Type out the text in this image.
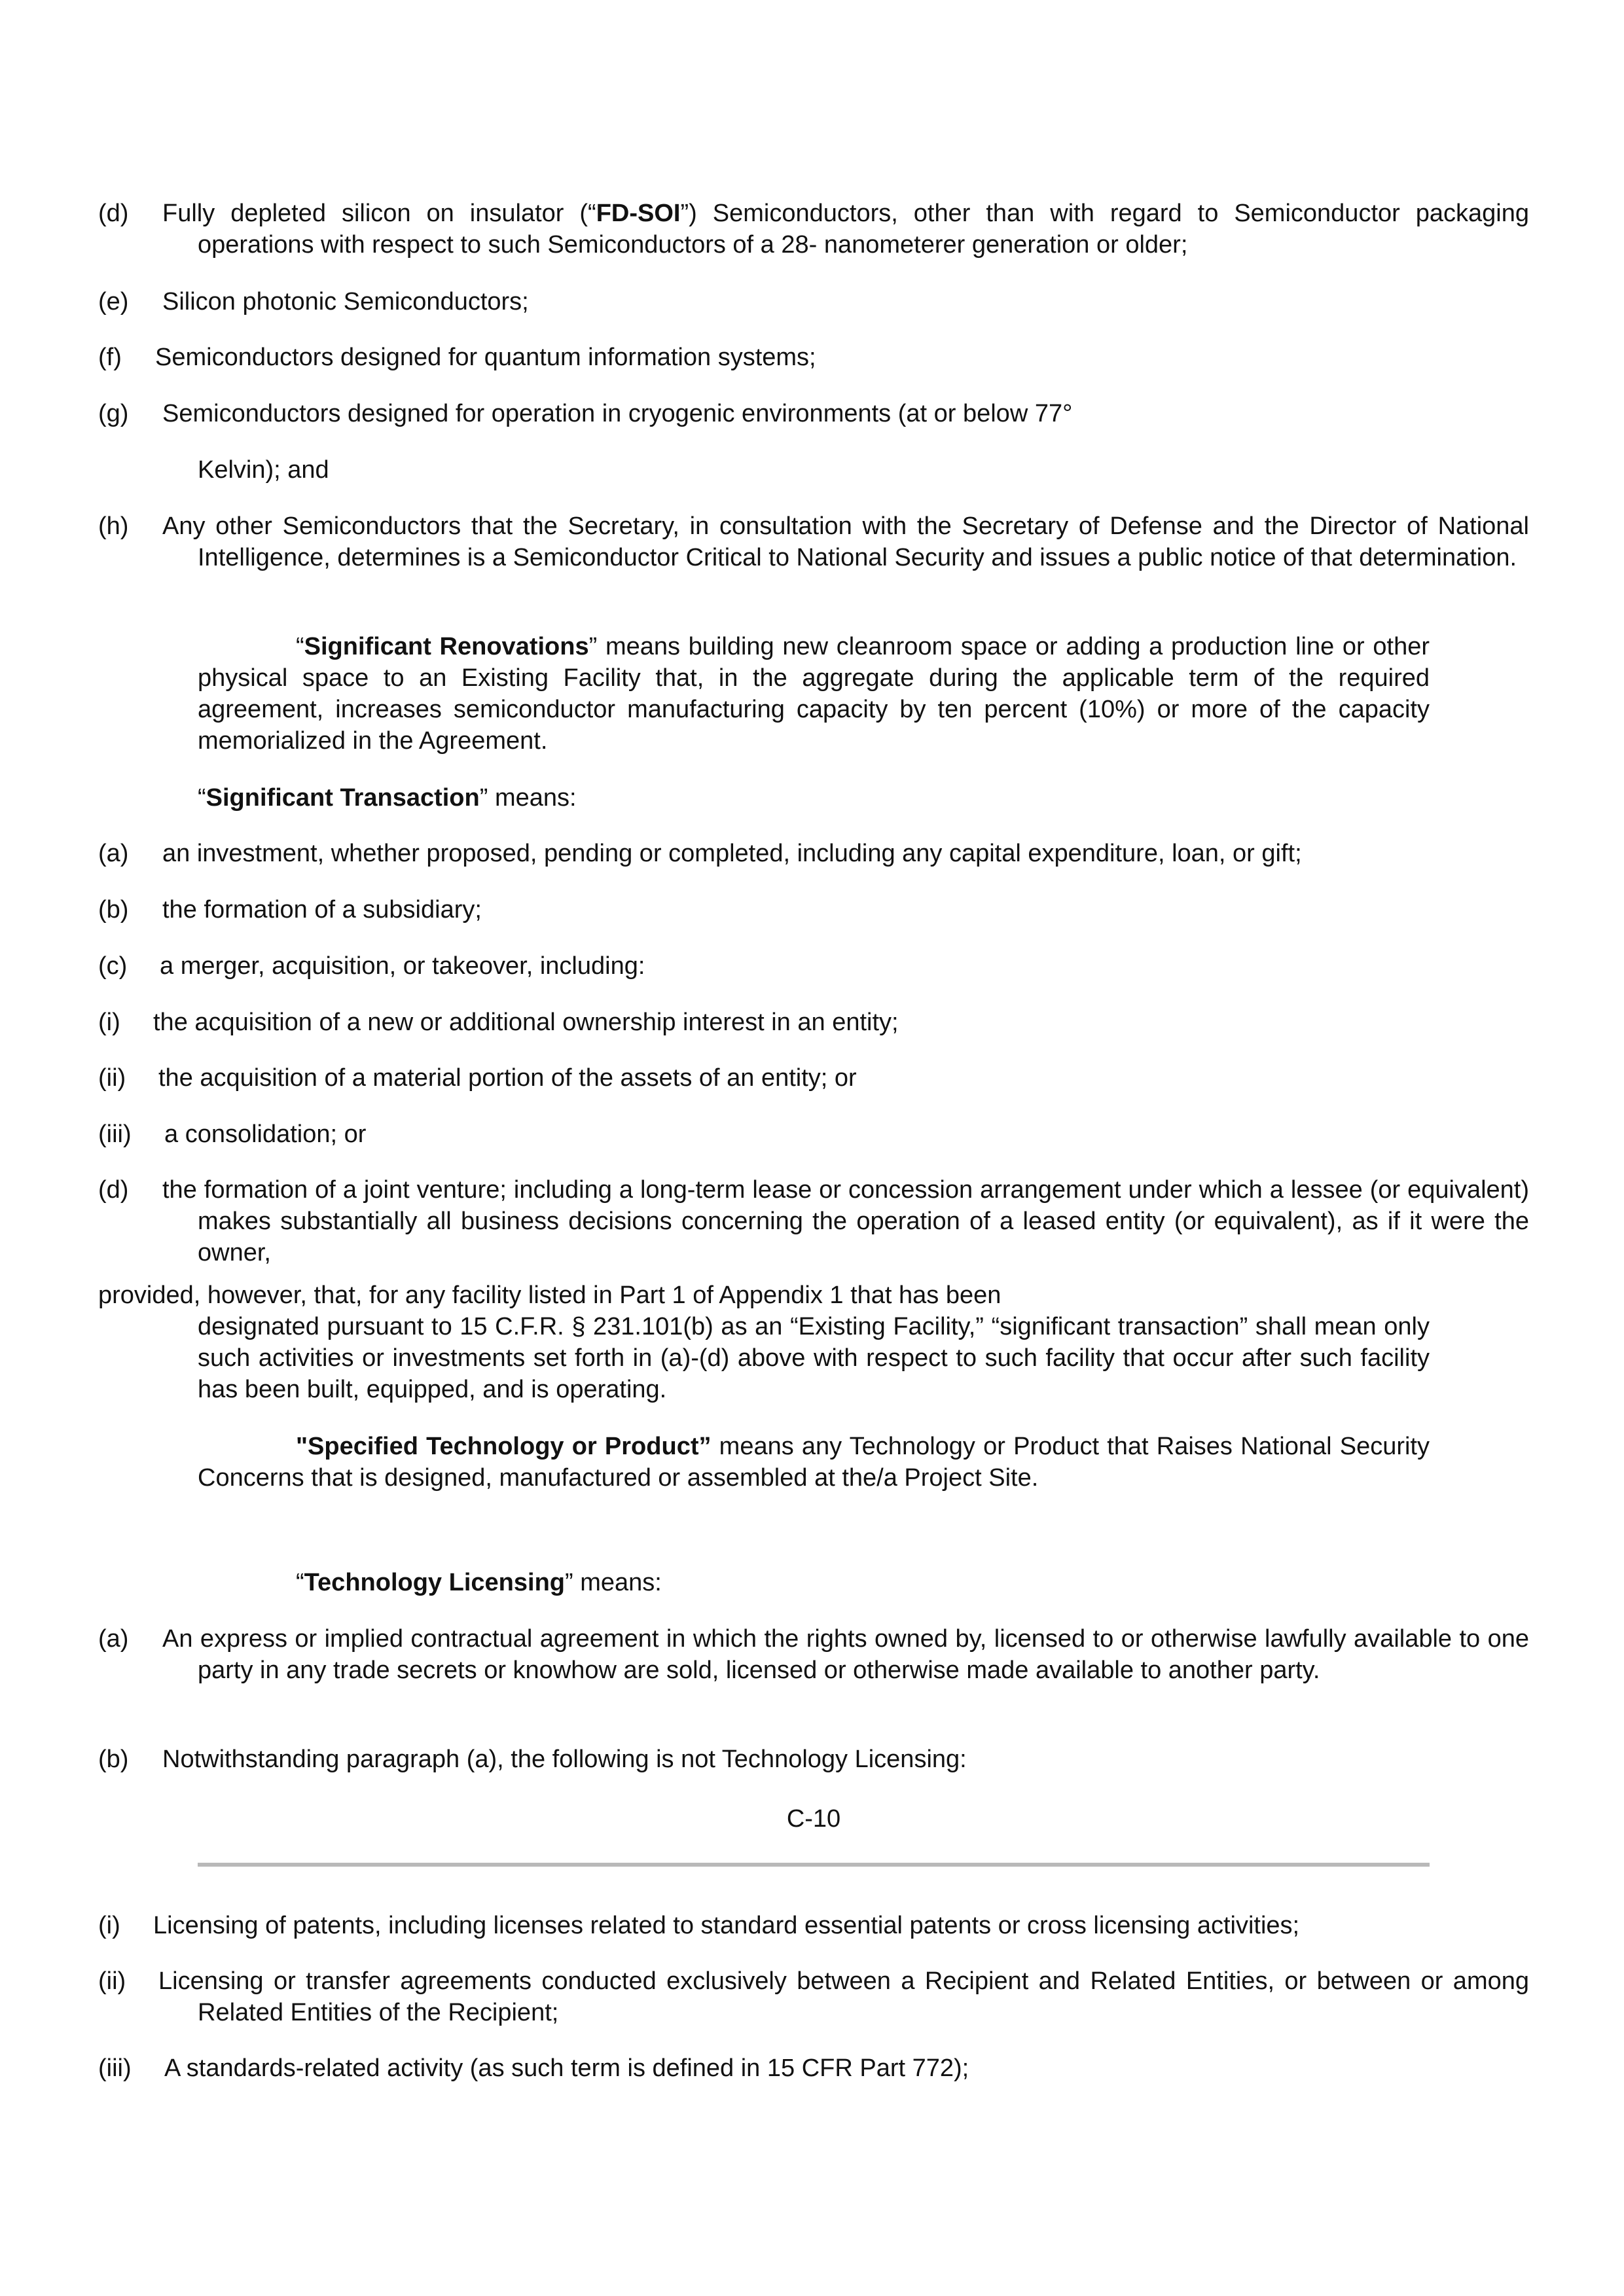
(d) Fully depleted silicon on insulator (“FD-SOI”) Semiconductors, other than with regard to Semiconductor packaging operations with respect to such Semiconductors of a 28- nanometerer generation or older;
(e) Silicon photonic Semiconductors;
(f) Semiconductors designed for quantum information systems;
(g) Semiconductors designed for operation in cryogenic environments (at or below 77°
Kelvin); and
(h) Any other Semiconductors that the Secretary, in consultation with the Secretary of Defense and the Director of National Intelligence, determines is a Semiconductor Critical to National Security and issues a public notice of that determination.
“Significant Renovations” means building new cleanroom space or adding a production line or other physical space to an Existing Facility that, in the aggregate during the applicable term of the required agreement, increases semiconductor manufacturing capacity by ten percent (10%) or more of the capacity memorialized in the Agreement.
“Significant Transaction” means:
(a) an investment, whether proposed, pending or completed, including any capital expenditure, loan, or gift;
(b) the formation of a subsidiary;
(c) a merger, acquisition, or takeover, including:
(i) the acquisition of a new or additional ownership interest in an entity;
(ii) the acquisition of a material portion of the assets of an entity; or
(iii) a consolidation; or
(d) the formation of a joint venture; including a long-term lease or concession arrangement under which a lessee (or equivalent) makes substantially all business decisions concerning the operation of a leased entity (or equivalent), as if it were the owner,
provided, however, that, for any facility listed in Part 1 of Appendix 1 that has been
designated pursuant to 15 C.F.R. § 231.101(b) as an “Existing Facility,” “significant transaction” shall mean only such activities or investments set forth in (a)-(d) above with respect to such facility that occur after such facility has been built, equipped, and is operating.
"Specified Technology or Product” means any Technology or Product that Raises National Security Concerns that is designed, manufactured or assembled at the/a Project Site.
“Technology Licensing” means:
(a) An express or implied contractual agreement in which the rights owned by, licensed to or otherwise lawfully available to one party in any trade secrets or knowhow are sold, licensed or otherwise made available to another party.
(b) Notwithstanding paragraph (a), the following is not Technology Licensing:
C-10
(i) Licensing of patents, including licenses related to standard essential patents or cross licensing activities;
(ii) Licensing or transfer agreements conducted exclusively between a Recipient and Related Entities, or between or among Related Entities of the Recipient;
(iii) A standards-related activity (as such term is defined in 15 CFR Part 772);
